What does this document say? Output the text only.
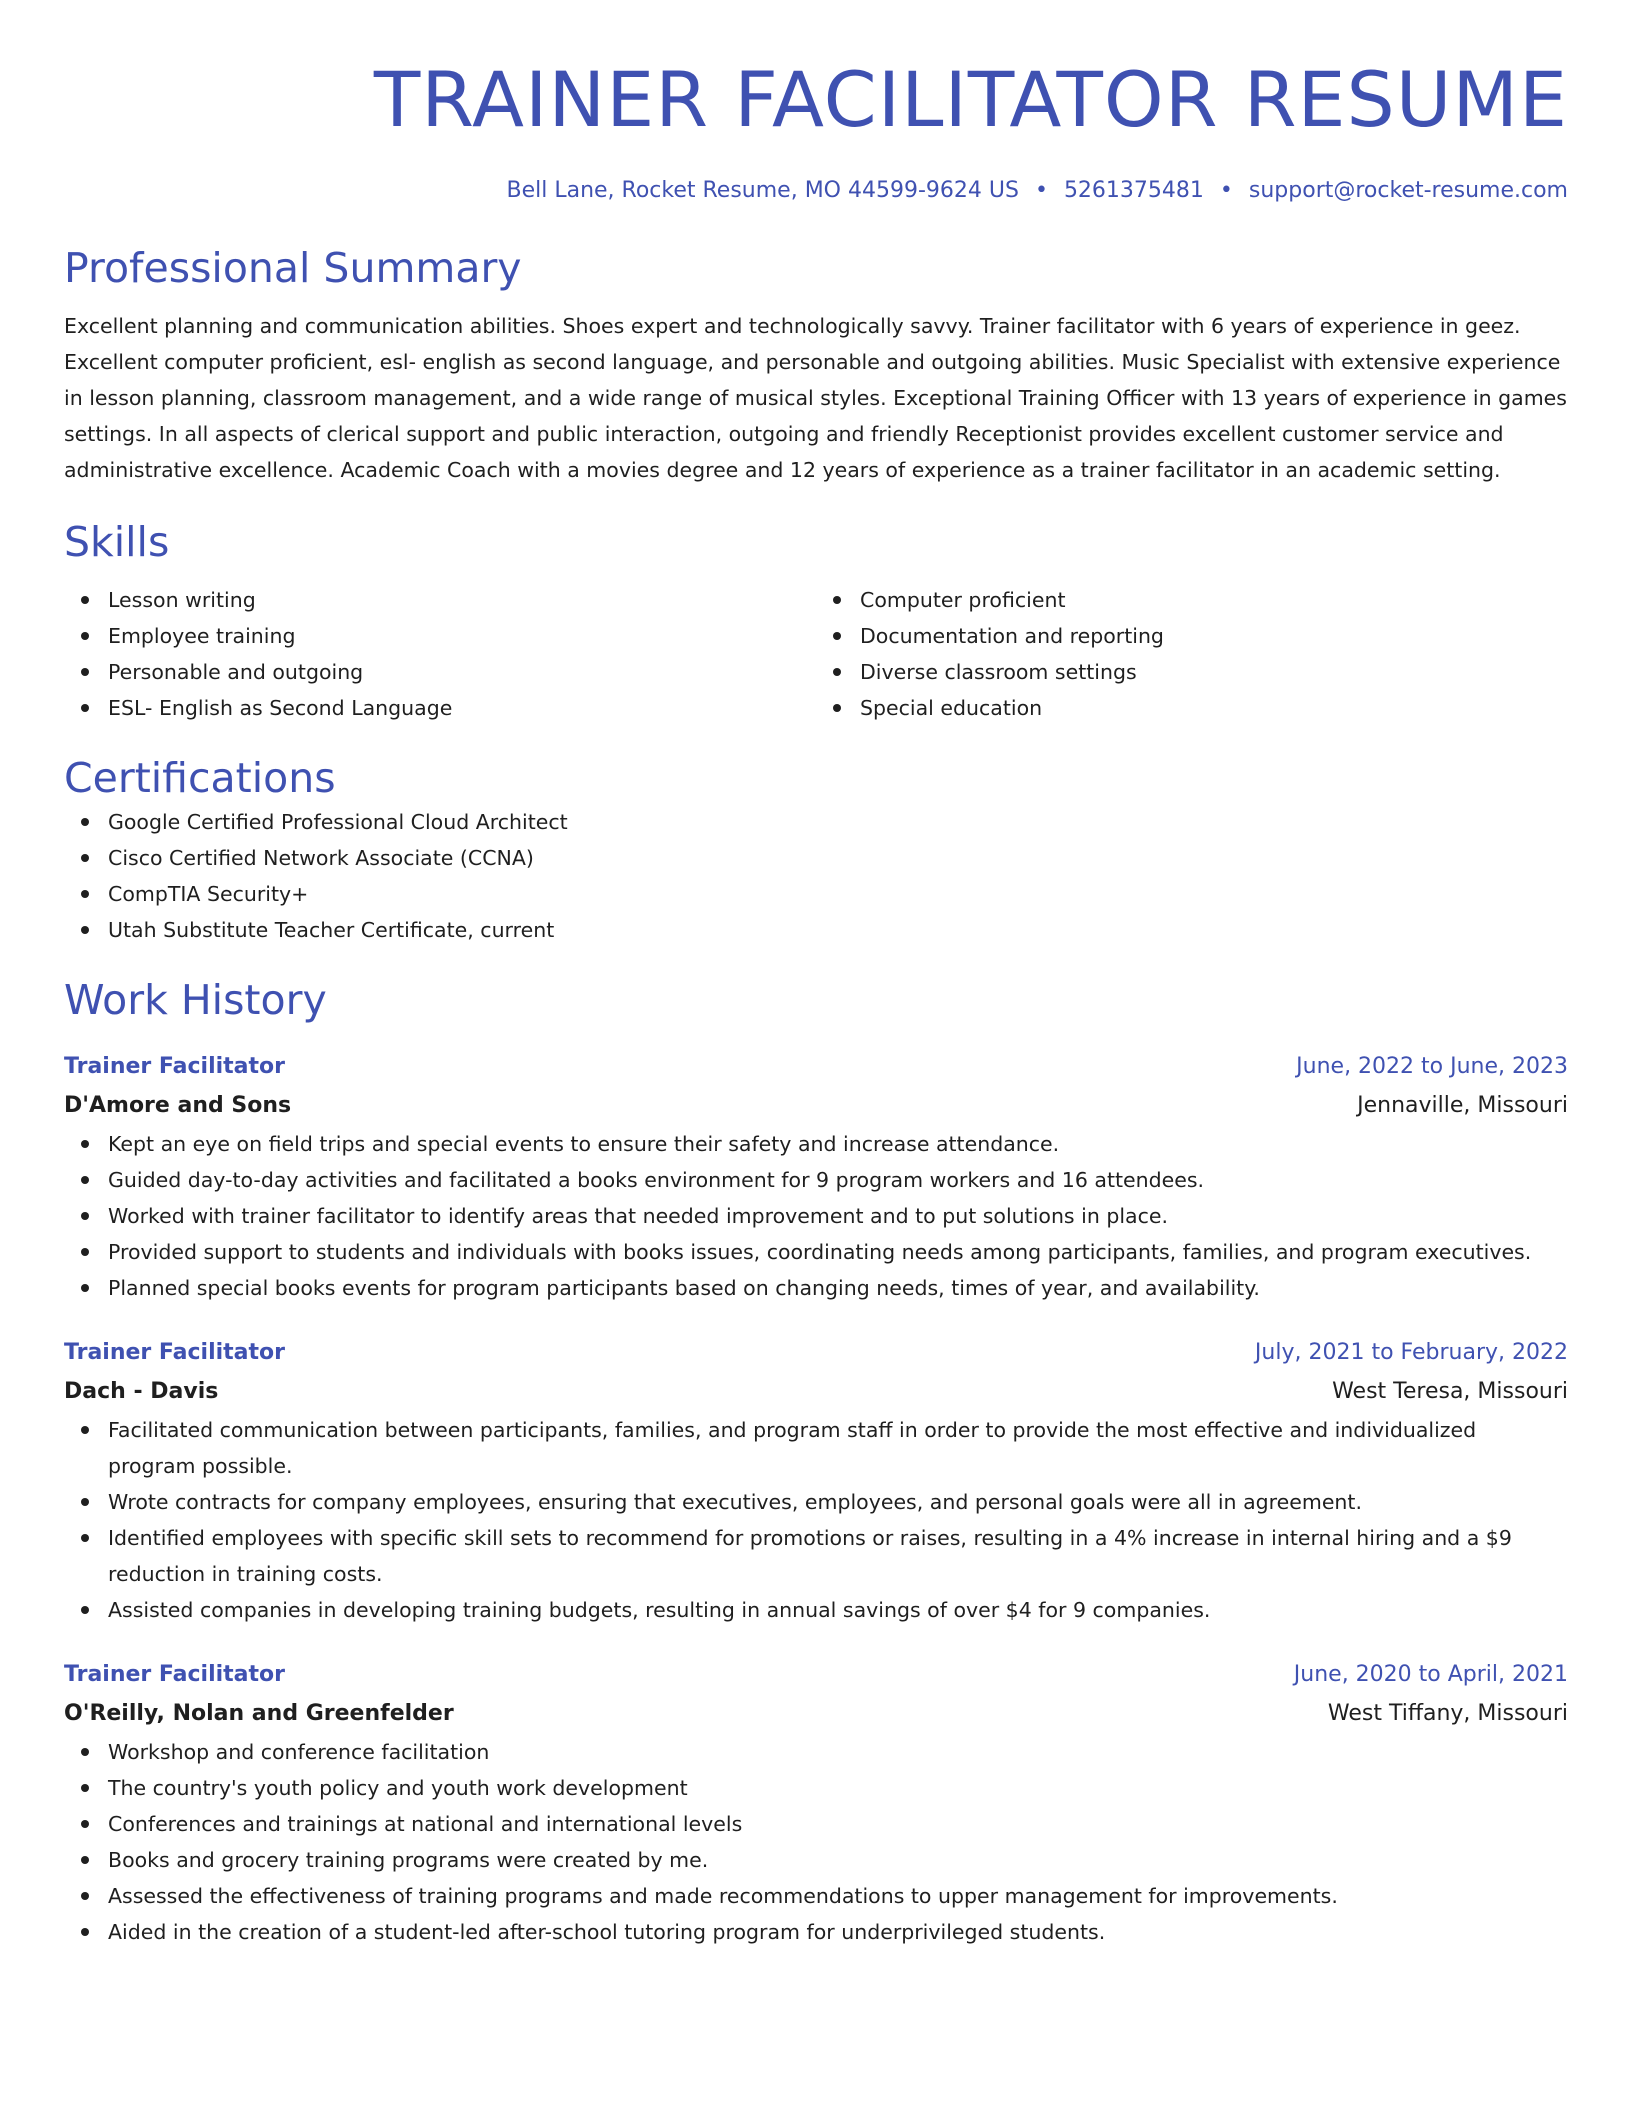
TRAINER FACILITATOR RESUME
Bell Lane, Rocket Resume, MO 44599-9624 US • 5261375481 • support@rocket-resume.com
Professional Summary
Excellent planning and communication abilities. Shoes expert and technologically savvy. Trainer facilitator with 6 years of experience in geez. Excellent computer proficient, esl- english as second language, and personable and outgoing abilities. Music Specialist with extensive experience in lesson planning, classroom management, and a wide range of musical styles. Exceptional Training Officer with 13 years of experience in games settings. In all aspects of clerical support and public interaction, outgoing and friendly Receptionist provides excellent customer service and administrative excellence. Academic Coach with a movies degree and 12 years of experience as a trainer facilitator in an academic setting.
Skills
Lesson writing
Employee training
Personable and outgoing
ESL- English as Second Language
Computer proficient
Documentation and reporting
Diverse classroom settings
Special education
Certifications
Google Certified Professional Cloud Architect
Cisco Certified Network Associate (CCNA)
CompTIA Security+
Utah Substitute Teacher Certificate, current
Work History
Trainer Facilitator	June, 2022 to June, 2023
D'Amore and Sons	Jennaville, Missouri
Kept an eye on field trips and special events to ensure their safety and increase attendance.
Guided day-to-day activities and facilitated a books environment for 9 program workers and 16 attendees.
Worked with trainer facilitator to identify areas that needed improvement and to put solutions in place.
Provided support to students and individuals with books issues, coordinating needs among participants, families, and program executives.
Planned special books events for program participants based on changing needs, times of year, and availability.
Trainer Facilitator	July, 2021 to February, 2022
Dach - Davis	West Teresa, Missouri
Facilitated communication between participants, families, and program staff in order to provide the most effective and individualized program possible.
Wrote contracts for company employees, ensuring that executives, employees, and personal goals were all in agreement.
Identified employees with specific skill sets to recommend for promotions or raises, resulting in a 4% increase in internal hiring and a $9 reduction in training costs.
Assisted companies in developing training budgets, resulting in annual savings of over $4 for 9 companies.
Trainer Facilitator	June, 2020 to April, 2021
O'Reilly, Nolan and Greenfelder	West Tiffany, Missouri
Workshop and conference facilitation
The country's youth policy and youth work development
Conferences and trainings at national and international levels
Books and grocery training programs were created by me.
Assessed the effectiveness of training programs and made recommendations to upper management for improvements.
Aided in the creation of a student-led after-school tutoring program for underprivileged students.
